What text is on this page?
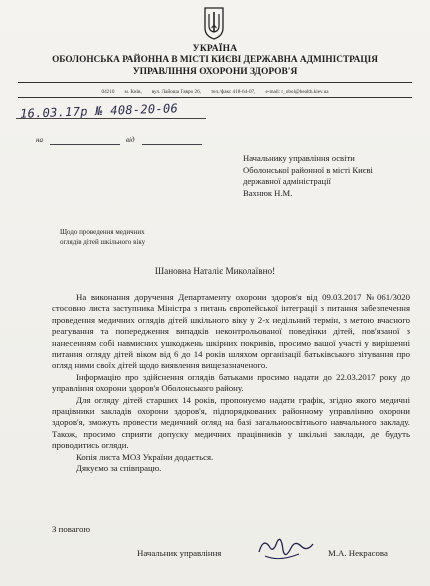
УКРАЇНА
ОБОЛОНСЬКА РАЙОННА В МІСТІ КИЄВІ ДЕРЖАВНА АДМІНІСТРАЦІЯ
УПРАВЛІННЯ ОХОРОНИ ЗДОРОВ'Я
04210 м. Київ, вул. Лайоша Гавро 26, тел./факс 418-64-07, e-mail: r_obol@health.kiev.ua
16.03.17р № 408-20-06
на	від
Начальнику управління освіти
Оболонської районної в місті Києві
державної адміністрації
Вахнюк Н.М.
Щодо проведення медичних
оглядів дітей шкільного віку
Шановна Наталіє Миколаївно!

На виконання доручення Департаменту охорони здоров'я від 09.03.2017 №061/3020 стосовно листа заступника Міністра з питань європейської інтеграції з питання забезпечення проведення медичних оглядів дітей шкільного віку у 2-х недільний термін, з метою вчасного реагування та попередження випадків неконтрольованої поведінки дітей, пов'язаної з нанесенням собі навмисних ушкоджень шкірних покривів, просимо вашої участі у вирішенні питання огляду дітей віком від 6 до 14 років шляхом організації батьківського зітування про огляд ними своїх дітей щодо виявлення вищезазначеного.

Інформацію про здійснення оглядів батьками просимо надати до 22.03.2017 року до управління охорони здоров'я Оболонського району.

Для огляду дітей старших 14 років, пропонуємо надати графік, згідно якого медичні працівники закладів охорони здоров'я, підпорядкованих районному управлінню охорони здоров'я, зможуть провести медичний огляд на базі загальноосвітнього навчального закладу. Також, просимо сприяти допуску медичних працівників у шкільні заклади, де будуть проводитись огляди.

Копія листа МОЗ України додається.

Дякуємо за співпрацю.

З повагою
Начальник управління	М.А. Некрасова
